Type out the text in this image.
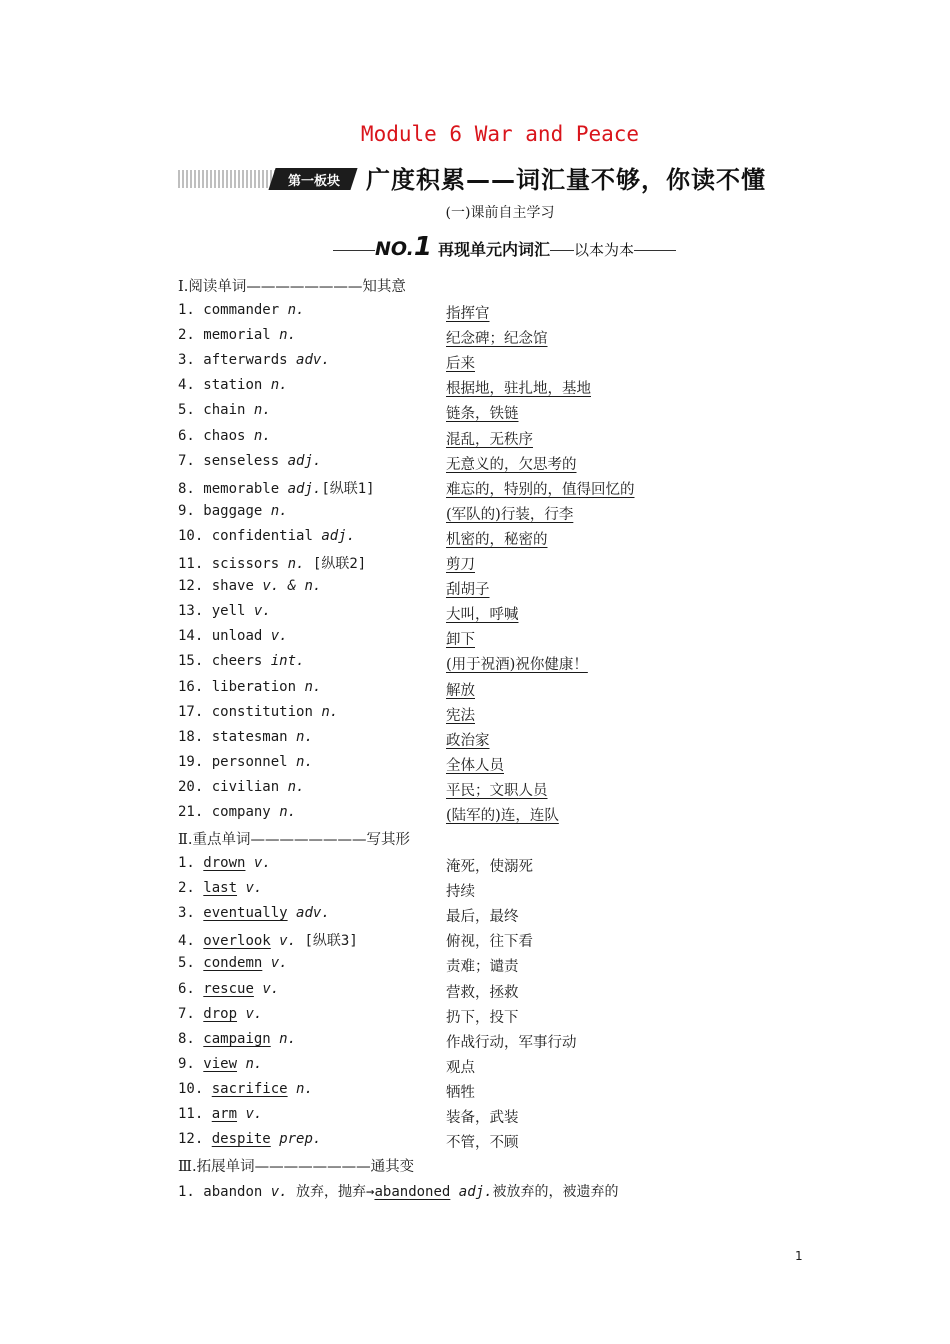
Module 6 War and Peace
第一板块	广度积累——词汇量不够，你读不懂
(一)课前自主学习
NO.1 再现单元内词汇 以本为本
Ⅰ.阅读单词————————知其意
1. commander n.	指挥官
2. memorial n.	纪念碑；纪念馆
3. afterwards adv.	后来
4. station n.	根据地，驻扎地，基地
5. chain n.	链条，铁链
6. chaos n.	混乱，无秩序
7. senseless adj.	无意义的，欠思考的
8. memorable adj.[纵联1]	难忘的，特别的，值得回忆的
9. baggage n.	(军队的)行装，行李
10. confidential adj.	机密的，秘密的
11. scissors n. [纵联2]	剪刀
12. shave v. & n.	刮胡子
13. yell v.	大叫，呼喊
14. unload v.	卸下
15. cheers int.	(用于祝酒)祝你健康！
16. liberation n.	解放
17. constitution n.	宪法
18. statesman n.	政治家
19. personnel n.	全体人员
20. civilian n.	平民；文职人员
21. company n.	(陆军的)连，连队
Ⅱ.重点单词————————写其形
1. drown v.	淹死，使溺死
2. last v.	持续
3. eventually adv.	最后，最终
4. overlook v. [纵联3]	俯视，往下看
5. condemn v.	责难；谴责
6. rescue v.	营救，拯救
7. drop v.	扔下，投下
8. campaign n.	作战行动，军事行动
9. view n.	观点
10. sacrifice n.	牺牲
11. arm v.	装备，武装
12. despite prep.	不管，不顾
Ⅲ.拓展单词————————通其变
1. abandon v. 放弃，抛弃→abandoned adj.被放弃的，被遗弃的
1
